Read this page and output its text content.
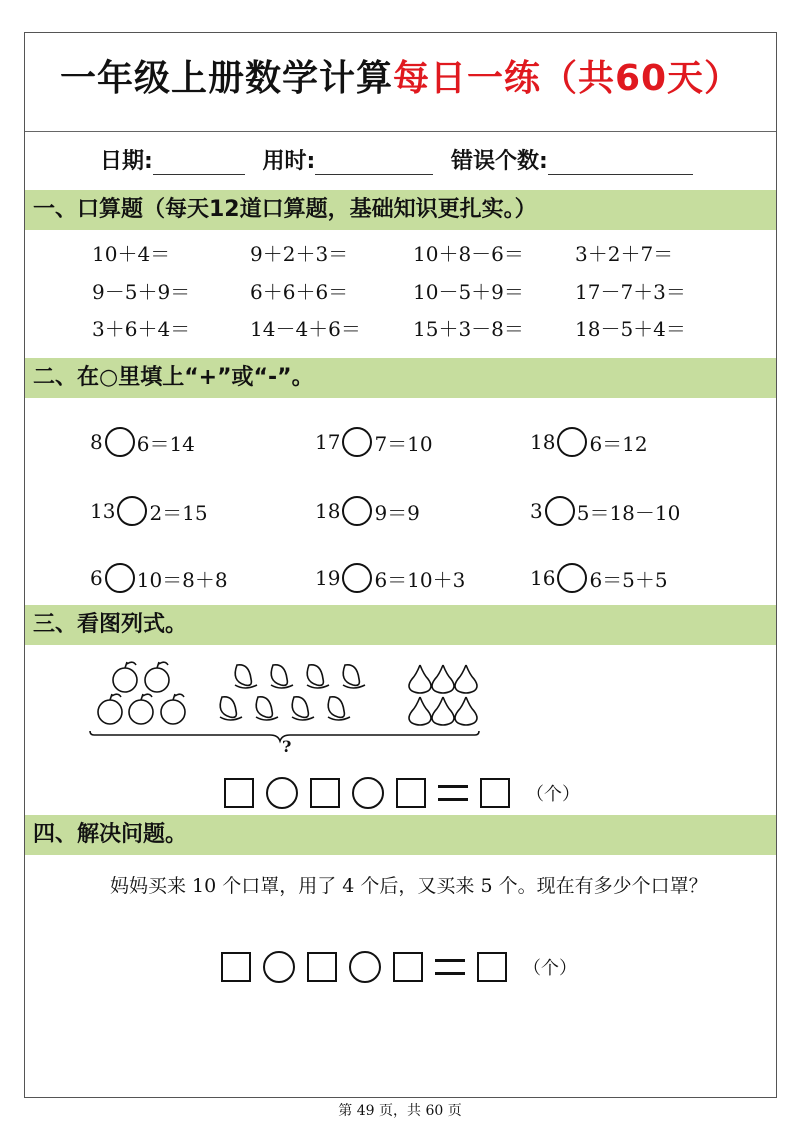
一年级上册数学计算每日一练（共60天）
日期:	用时:	错误个数:
一、口算题（每天12道口算题，基础知识更扎实。）
10＋4＝	9＋2＋3＝	10＋8－6＝	3＋2＋7＝
9－5＋9＝	6＋6＋6＝	10－5＋9＝	17－7＋3＝
3＋6＋4＝	14－4＋6＝	15＋3－8＝	18－5＋4＝
二、在○里填上“+”或“-”。
8 6＝14	17 7＝10	18 6＝12
13 2＝15	18 9＝9	3 5＝18－10
6 10＝8＋8	19 6＝10＋3	16 6＝5＋5
三、看图列式。
?
（个）
四、解决问题。
妈妈买来 10 个口罩，用了 4 个后，又买来 5 个。现在有多少个口罩？
（个）
第 49 页，共 60 页
